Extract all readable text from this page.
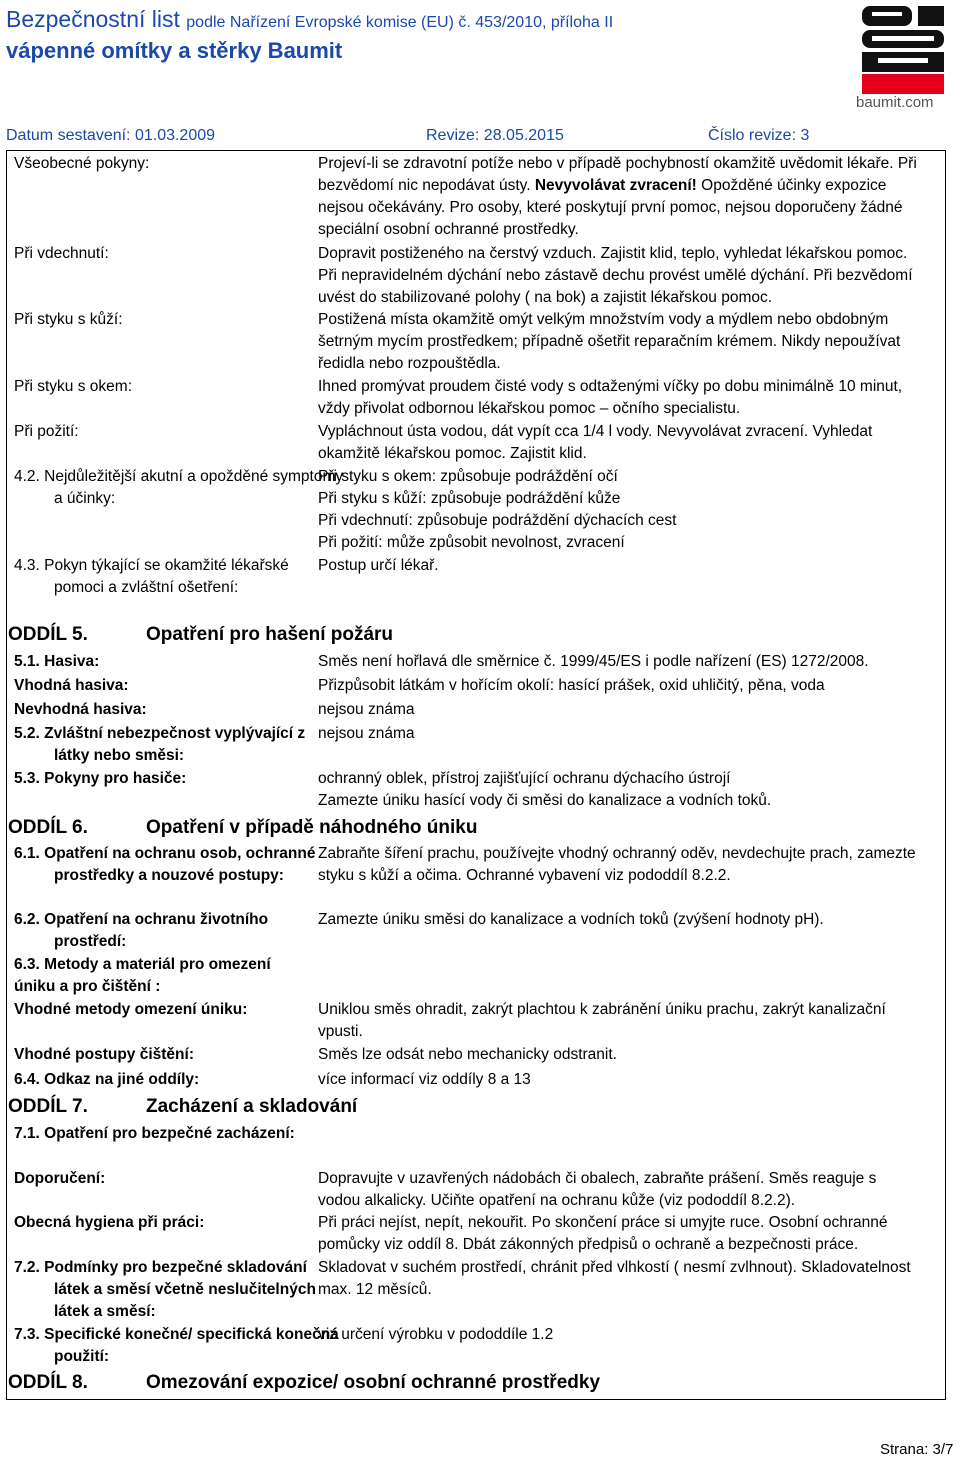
Bezpečnostní list podle Nařízení Evropské komise (EU) č. 453/2010, příloha II
vápenné omítky a stěrky Baumit
baumit.com
Datum sestavení: 01.03.2009	Revize: 28.05.2015	Číslo revize: 3
Všeobecné pokyny:	Projeví-li se zdravotní potíže nebo v případě pochybností okamžitě uvědomit lékaře. Při bezvědomí nic nepodávat ústy. Nevyvolávat zvracení! Opožděné účinky expozice nejsou očekávány. Pro osoby, které poskytují první pomoc, nejsou doporučeny žádné speciální osobní ochranné prostředky.
Při vdechnutí:	Dopravit postiženého na čerstvý vzduch. Zajistit klid, teplo, vyhledat lékařskou pomoc. Při nepravidelném dýchání nebo zástavě dechu provést umělé dýchání. Při bezvědomí uvést do stabilizované polohy ( na bok) a zajistit lékařskou pomoc.
Při styku s kůží:	Postižená místa okamžitě omýt velkým množstvím vody a mýdlem nebo obdobným šetrným mycím prostředkem; případně ošetřit reparačním krémem. Nikdy nepoužívat ředidla nebo rozpouštědla.
Při styku s okem:	Ihned promývat proudem čisté vody s odtaženými víčky po dobu minimálně 10 minut, vždy přivolat odbornou lékařskou pomoc – očního specialistu.
Při požití:	Vypláchnout ústa vodou, dát vypít cca 1/4 l vody. Nevyvolávat zvracení. Vyhledat okamžitě lékařskou pomoc. Zajistit klid.
4.2. Nejdůležitější akutní a opožděné symptomy a účinky:
Při styku s okem: způsobuje podráždění očí
Při styku s kůží: způsobuje podráždění kůže
Při vdechnutí: způsobuje podráždění dýchacích cest
Při požití: může způsobit nevolnost, zvracení
4.3. Pokyn týkající se okamžité lékařské pomoci a zvláštní ošetření:
Postup určí lékař.
ODDÍL 5.	Opatření pro hašení požáru
5.1. Hasiva:	Směs není hořlavá dle směrnice č. 1999/45/ES i podle nařízení (ES) 1272/2008.
Vhodná hasiva:	Přizpůsobit látkám v hořícím okolí: hasící prášek, oxid uhličitý, pěna, voda
Nevhodná hasiva:	nejsou známa
5.2. Zvláštní nebezpečnost vyplývající z látky nebo směsi:
nejsou známa
5.3. Pokyny pro hasiče:	ochranný oblek, přístroj zajišťující ochranu dýchacího ústrojí
Zamezte úniku hasící vody či směsi do kanalizace a vodních toků.
ODDÍL 6.	Opatření v případě náhodného úniku
6.1. Opatření na ochranu osob, ochranné prostředky a nouzové postupy:
Zabraňte šíření prachu, používejte vhodný ochranný oděv, nevdechujte prach, zamezte styku s kůží a očima. Ochranné vybavení viz pododdíl 8.2.2.
6.2. Opatření na ochranu životního prostředí:
Zamezte úniku směsi do kanalizace a vodních toků (zvýšení hodnoty pH).
6.3. Metody a materiál pro omezení úniku a pro čištění :
Vhodné metody omezení úniku:	Uniklou směs ohradit, zakrýt plachtou k zabránění úniku prachu, zakrýt kanalizační vpusti.
Vhodné postupy čištění:	Směs lze odsát nebo mechanicky odstranit.
6.4. Odkaz na jiné oddíly:	více informací viz oddíly 8 a 13
ODDÍL 7.	Zacházení a skladování
7.1. Opatření pro bezpečné zacházení:
Doporučení:	Dopravujte v uzavřených nádobách či obalech, zabraňte prášení. Směs reaguje s vodou alkalicky. Učiňte opatření na ochranu kůže (viz pododdíl 8.2.2).
Obecná hygiena při práci:	Při práci nejíst, nepít, nekouřit. Po skončení práce si umyjte ruce. Osobní ochranné pomůcky viz oddíl 8. Dbát zákonných předpisů o ochraně a bezpečnosti práce.
7.2. Podmínky pro bezpečné skladování látek a směsí včetně neslučitelných látek a směsí:
Skladovat v suchém prostředí, chránit před vlhkostí ( nesmí zvlhnout). Skladovatelnost max. 12 měsíců.
7.3. Specifické konečné/ specifická konečná použití:
viz určení výrobku v pododdíle 1.2
ODDÍL 8.	Omezování expozice/ osobní ochranné prostředky
Strana: 3/7
